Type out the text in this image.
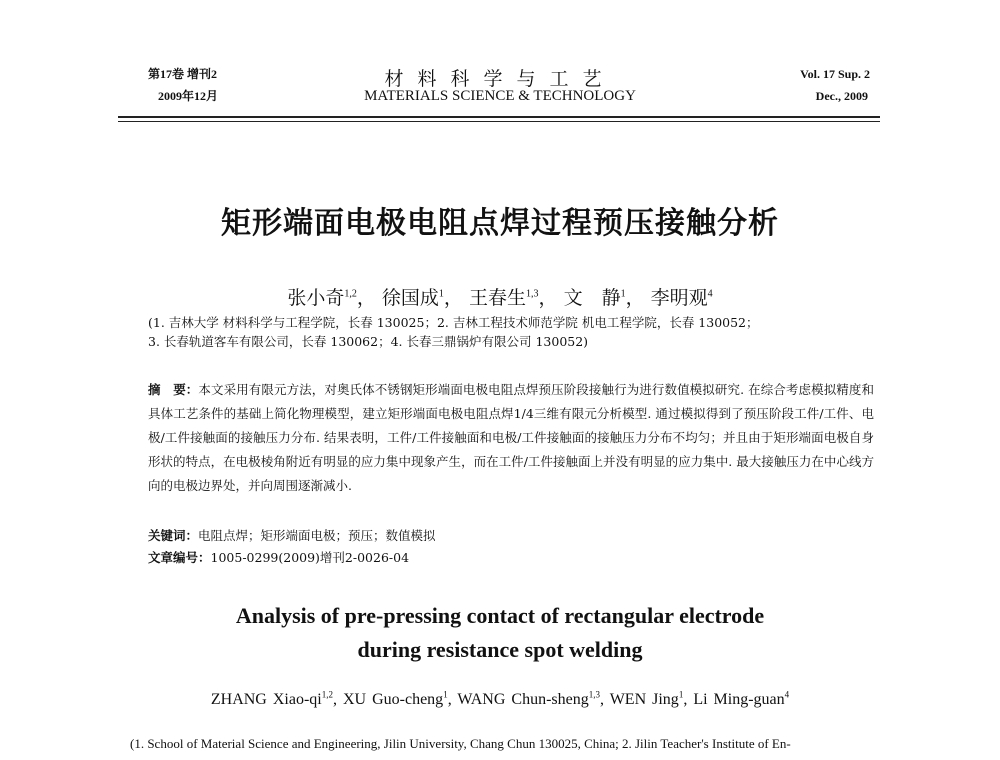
第17卷 增刊2
2009年12月
材料科学与工艺
MATERIALS SCIENCE & TECHNOLOGY
Vol. 17 Sup. 2
Dec., 2009
矩形端面电极电阻点焊过程预压接触分析
张小奇$^{1,2}$， 徐国成$^1$， 王春生$^{1,3}$， 文　静$^1$， 李明观$^4$
(1. 吉林大学 材料科学与工程学院，长春 130025；2. 吉林工程技术师范学院 机电工程学院，长春 130052；
3. 长春轨道客车有限公司，长春 130062；4. 长春三鼎锅炉有限公司 130052)
摘　要：本文采用有限元方法，对奥氏体不锈钢矩形端面电极电阻点焊预压阶段接触行为进行数值模拟研究. 在综合考虑模拟精度和具体工艺条件的基础上简化物理模型，建立矩形端面电极电阻点焊1/4三维有限元分析模型. 通过模拟得到了预压阶段工件/工件、电极/工件接触面的接触压力分布. 结果表明，工件/工件接触面和电极/工件接触面的接触压力分布不均匀；并且由于矩形端面电极自身形状的特点，在电极棱角附近有明显的应力集中现象产生，而在工件/工件接触面上并没有明显的应力集中. 最大接触压力在中心线方向的电极边界处，并向周围逐渐减小.
关键词：电阻点焊；矩形端面电极；预压；数值模拟
文章编号：1005-0299(2009)增刊2-0026-04
Analysis of pre-pressing contact of rectangular electrode
during resistance spot welding
ZHANG Xiao-qi$^{1,2}$, XU Guo-cheng$^1$, WANG Chun-sheng$^{1,3}$, WEN Jing$^1$, Li Ming-guan$^4$
(1. School of Material Science and Engineering, Jilin University, Chang Chun 130025, China; 2. Jilin Teacher's Institute of En-
